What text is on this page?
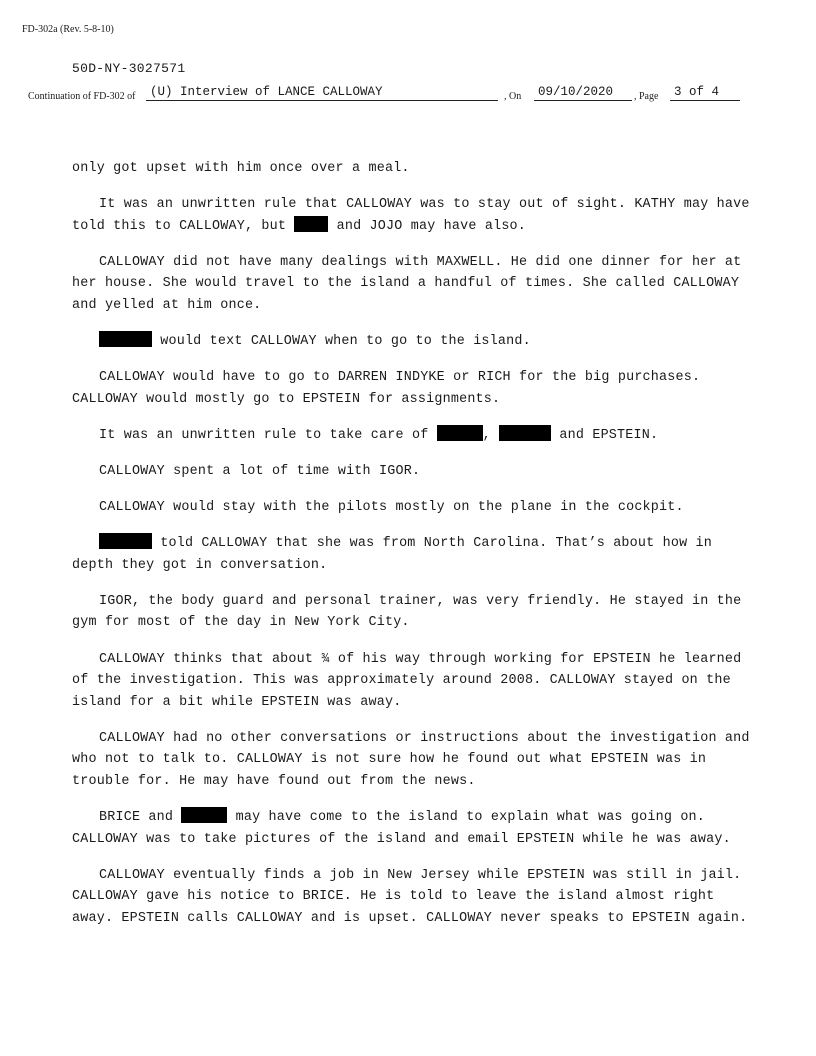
FD-302a (Rev. 5-8-10)
50D-NY-3027571
Continuation of FD-302 of	(U) Interview of LANCE CALLOWAY	, On	09/10/2020	, Page	3 of 4

only got upset with him once over a meal.

It was an unwritten rule that CALLOWAY was to stay out of sight. KATHY may have told this to CALLOWAY, but	and JOJO may have also.

CALLOWAY did not have many dealings with MAXWELL. He did one dinner for her at her house. She would travel to the island a handful of times. She called CALLOWAY and yelled at him once.

would text CALLOWAY when to go to the island.

CALLOWAY would have to go to DARREN INDYKE or RICH for the big purchases. CALLOWAY would mostly go to EPSTEIN for assignments.

It was an unwritten rule to take care of	,	and EPSTEIN.

CALLOWAY spent a lot of time with IGOR.

CALLOWAY would stay with the pilots mostly on the plane in the cockpit.

told CALLOWAY that she was from North Carolina. That’s about how in depth they got in conversation.

IGOR, the body guard and personal trainer, was very friendly. He stayed in the gym for most of the day in New York City.

CALLOWAY thinks that about ¾ of his way through working for EPSTEIN he learned of the investigation. This was approximately around 2008. CALLOWAY stayed on the island for a bit while EPSTEIN was away.

CALLOWAY had no other conversations or instructions about the investigation and who not to talk to. CALLOWAY is not sure how he found out what EPSTEIN was in trouble for. He may have found out from the news.

BRICE and	may have come to the island to explain what was going on. CALLOWAY was to take pictures of the island and email EPSTEIN while he was away.

CALLOWAY eventually finds a job in New Jersey while EPSTEIN was still in jail. CALLOWAY gave his notice to BRICE. He is told to leave the island almost right away. EPSTEIN calls CALLOWAY and is upset. CALLOWAY never speaks to EPSTEIN again.
